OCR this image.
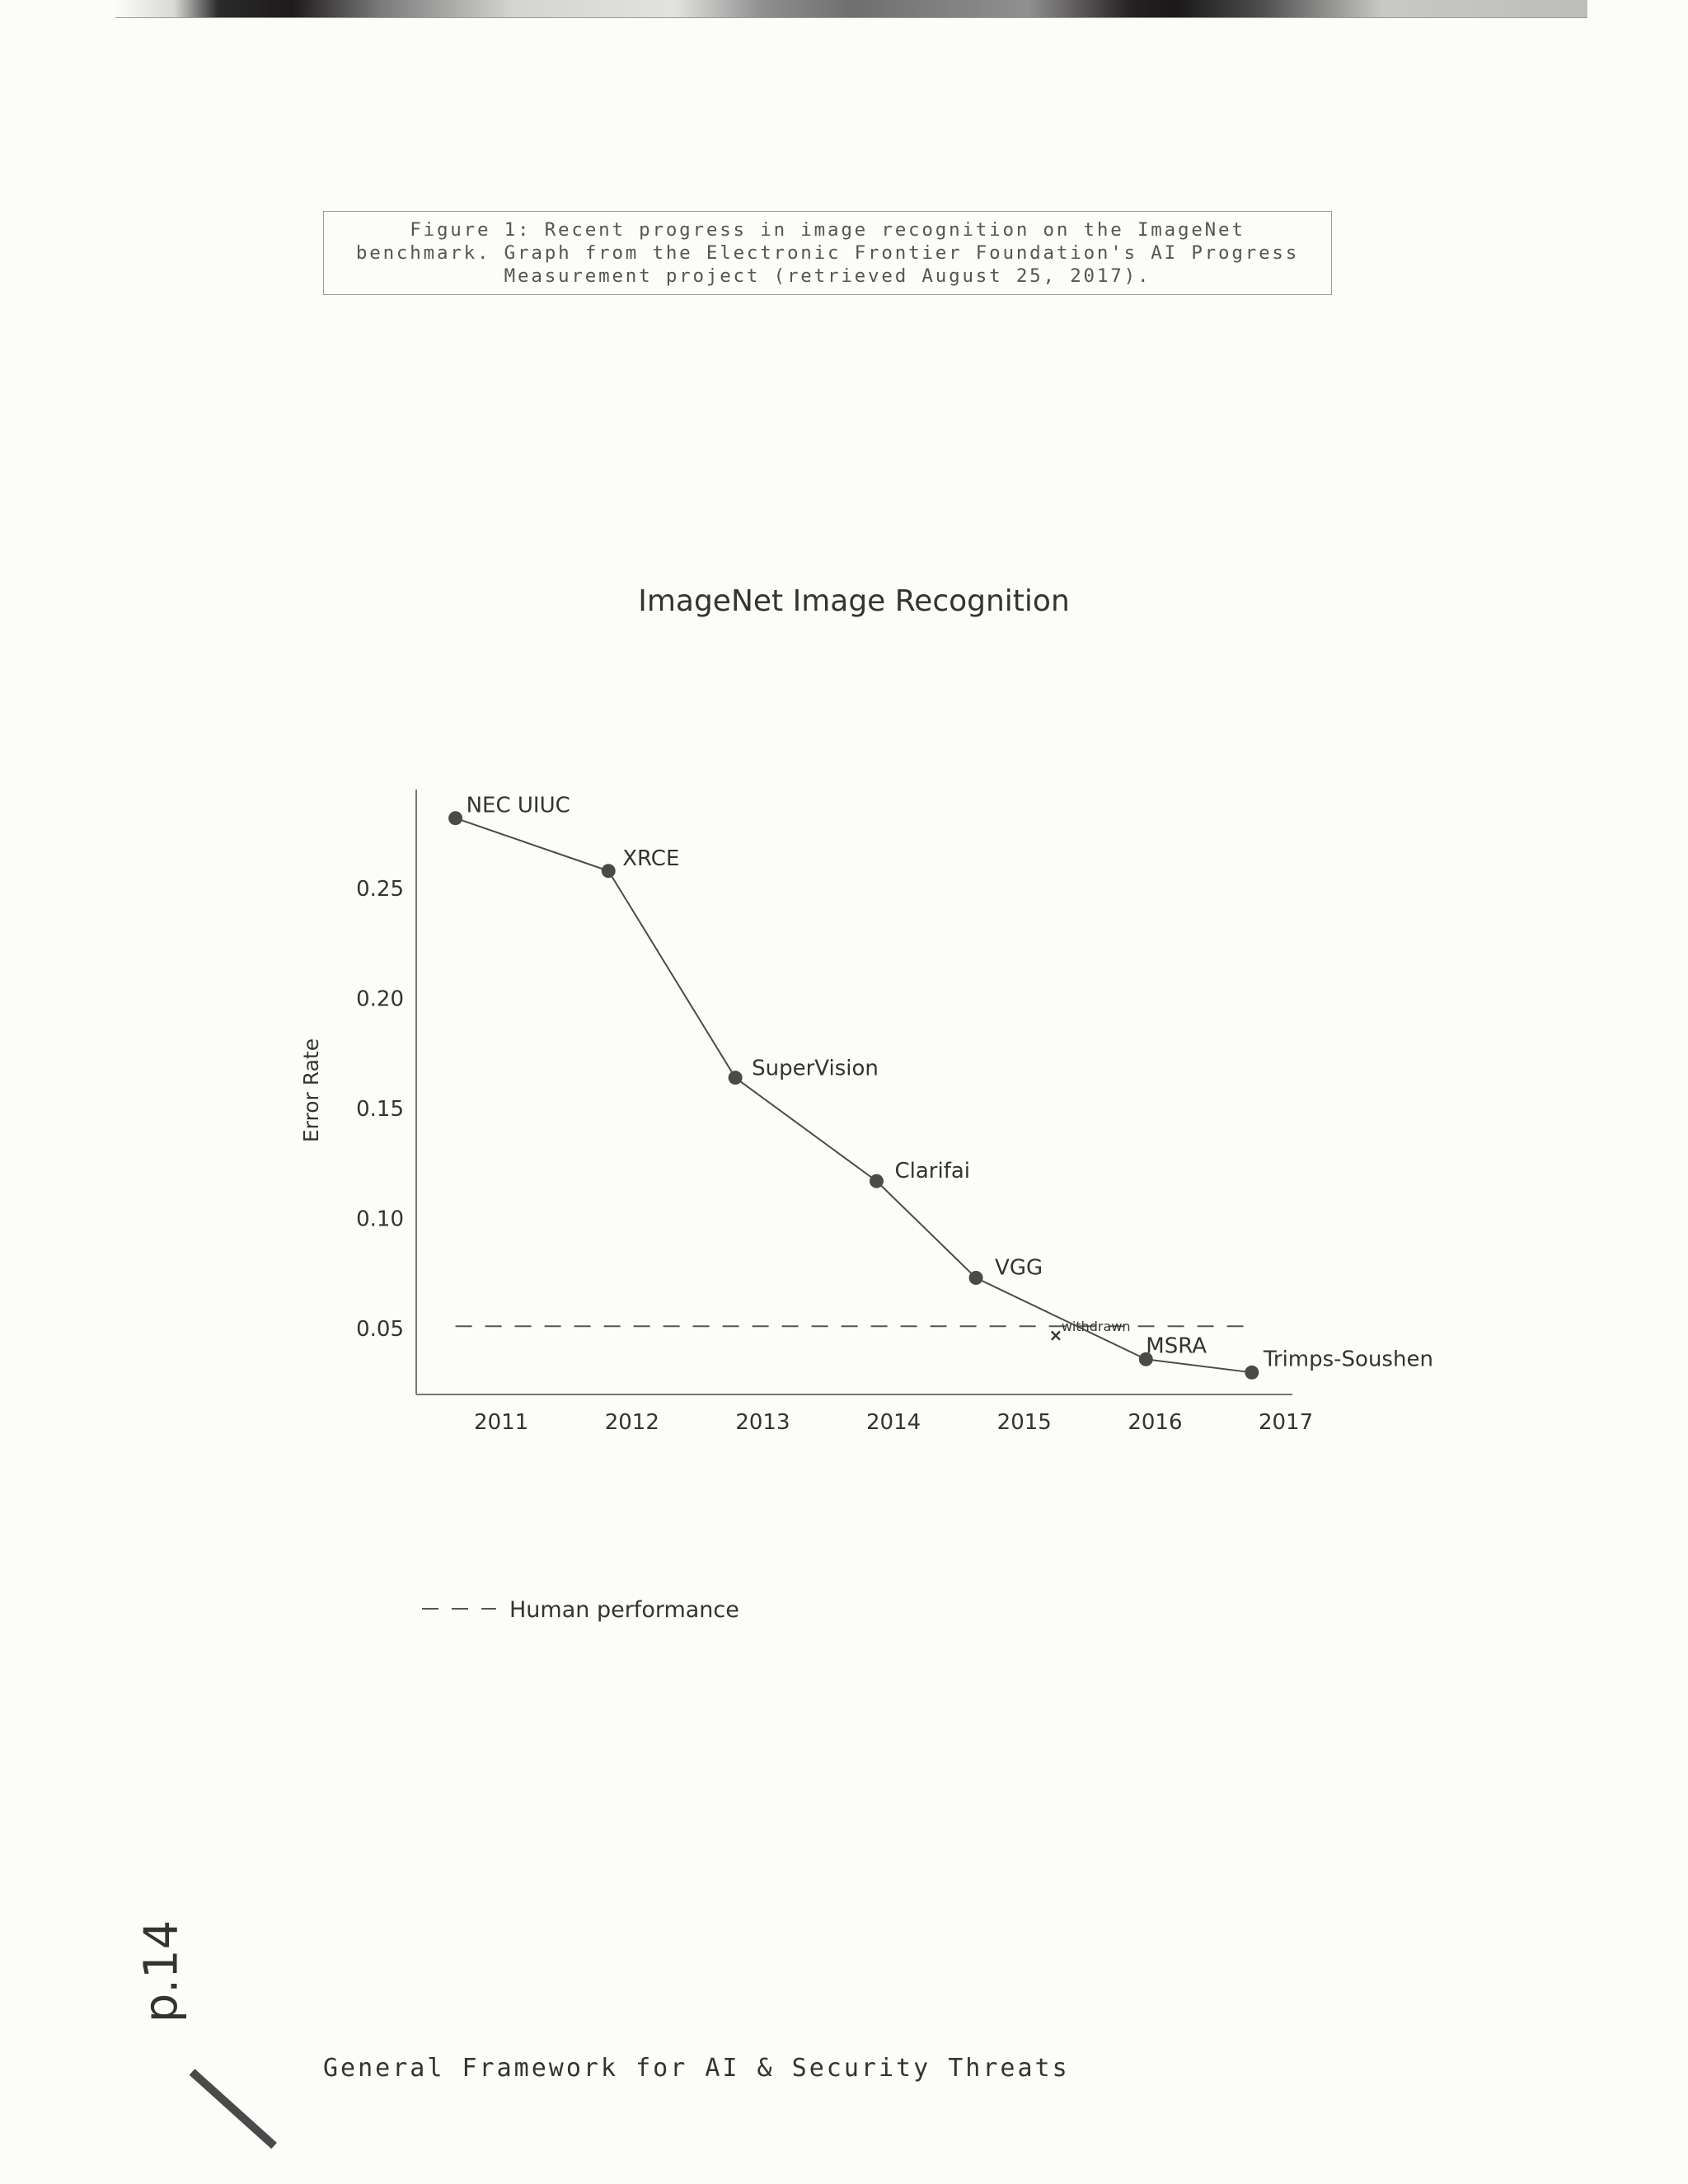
Figure 1: Recent progress in image recognition on the ImageNet
benchmark. Graph from the Electronic Frontier Foundation's AI Progress
Measurement project (retrieved August 25, 2017).
ImageNet Image Recognition
Error Rate
0.05
0.10
0.15
0.20
0.25
2011	2012	2013	2014	2015	2016	2017
NEC UIUC
XRCE
SuperVision
Clarifai
VGG
MSRA
Trimps-Soushen
×
withdrawn
Human performance
p.14
General Framework for AI & Security Threats
